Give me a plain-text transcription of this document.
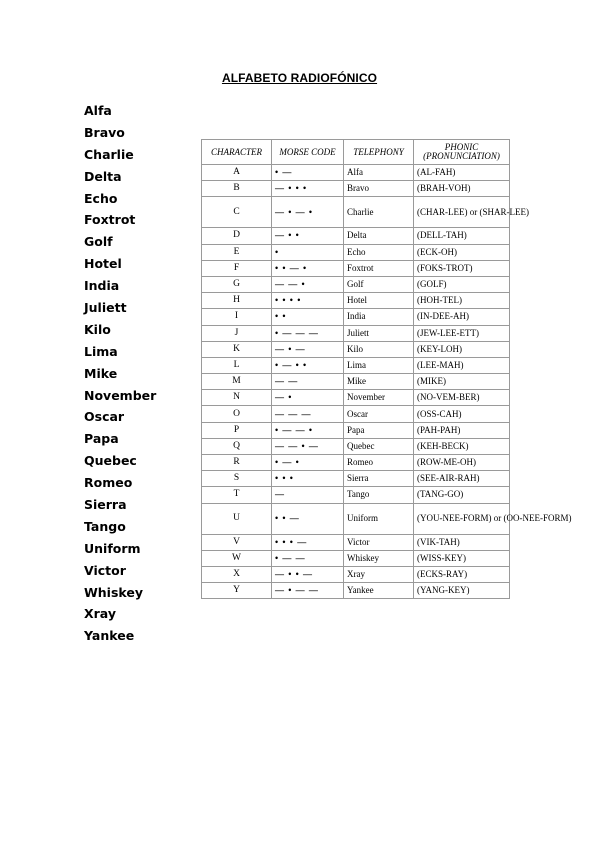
ALFABETO RADIOFÓNICO
Alfa
Bravo
Charlie
Delta
Echo
Foxtrot
Golf
Hotel
India
Juliett
Kilo
Lima
Mike
November
Oscar
Papa
Quebec
Romeo
Sierra
Tango
Uniform
Victor
Whiskey
Xray
Yankee
CHARACTER	MORSE CODE	TELEPHONY	PHONIC (PRONUNCIATION)
A	• —	Alfa	(AL-FAH)
B	— • • •	Bravo	(BRAH-VOH)
C	— • — •	Charlie	(CHAR-LEE) or (SHAR-LEE)
D	— • •	Delta	(DELL-TAH)
E	•	Echo	(ECK-OH)
F	• • — •	Foxtrot	(FOKS-TROT)
G	— — •	Golf	(GOLF)
H	• • • •	Hotel	(HOH-TEL)
I	• •	India	(IN-DEE-AH)
J	• — — —	Juliett	(JEW-LEE-ETT)
K	— • —	Kilo	(KEY-LOH)
L	• — • •	Lima	(LEE-MAH)
M	— —	Mike	(MIKE)
N	— •	November	(NO-VEM-BER)
O	— — —	Oscar	(OSS-CAH)
P	• — — •	Papa	(PAH-PAH)
Q	— — • —	Quebec	(KEH-BECK)
R	• — •	Romeo	(ROW-ME-OH)
S	• • •	Sierra	(SEE-AIR-RAH)
T	—	Tango	(TANG-GO)
U	• • —	Uniform	(YOU-NEE-FORM) or (OO-NEE-FORM)
V	• • • —	Victor	(VIK-TAH)
W	• — —	Whiskey	(WISS-KEY)
X	— • • —	Xray	(ECKS-RAY)
Y	— • — —	Yankee	(YANG-KEY)
